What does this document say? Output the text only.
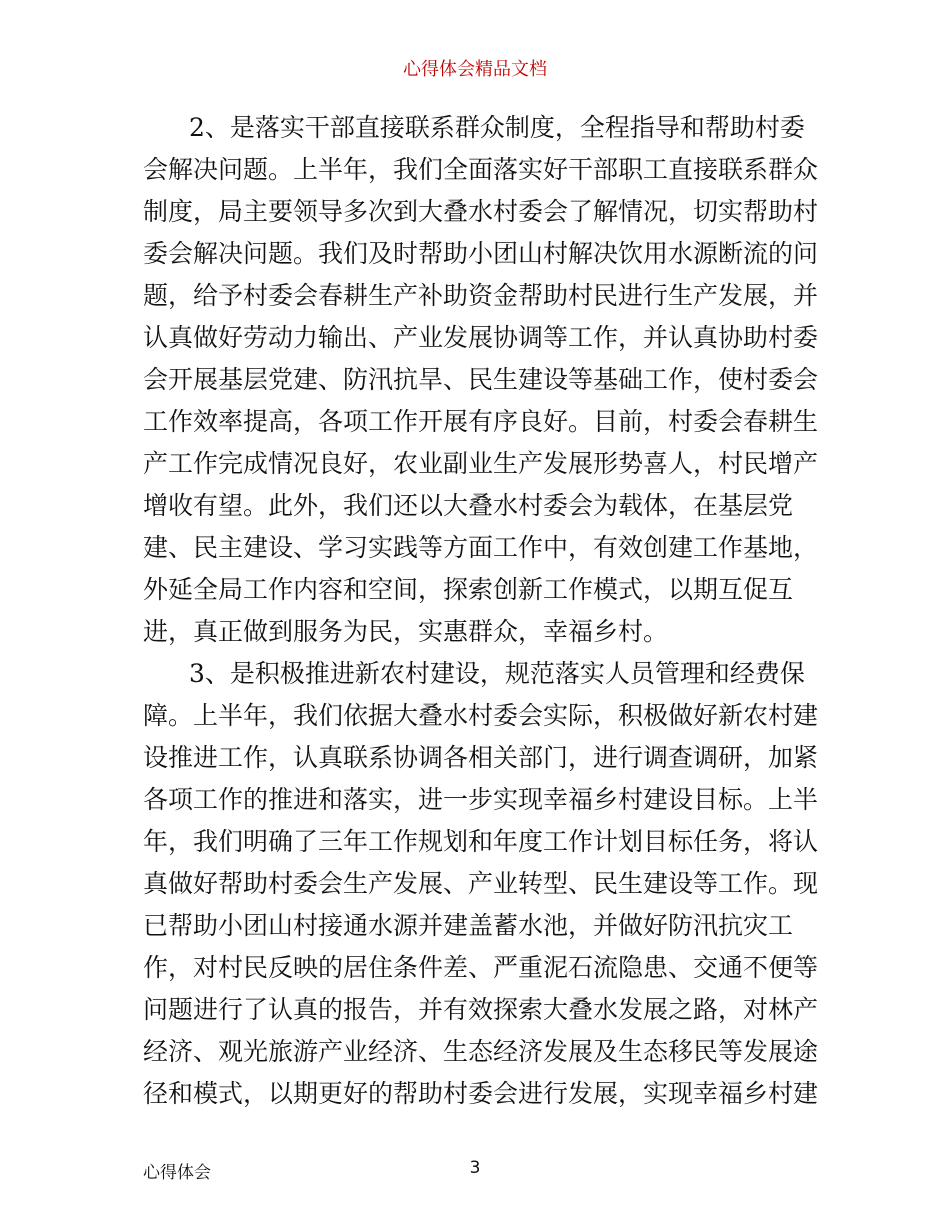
心得体会精品文档
2、是落实干部直接联系群众制度，全程指导和帮助村委
会解决问题。上半年，我们全面落实好干部职工直接联系群众
制度，局主要领导多次到大叠水村委会了解情况，切实帮助村
委会解决问题。我们及时帮助小团山村解决饮用水源断流的问
题，给予村委会春耕生产补助资金帮助村民进行生产发展，并
认真做好劳动力输出、产业发展协调等工作，并认真协助村委
会开展基层党建、防汛抗旱、民生建设等基础工作，使村委会
工作效率提高，各项工作开展有序良好。目前，村委会春耕生
产工作完成情况良好，农业副业生产发展形势喜人，村民增产
增收有望。此外，我们还以大叠水村委会为载体，在基层党
建、民主建设、学习实践等方面工作中，有效创建工作基地，
外延全局工作内容和空间，探索创新工作模式，以期互促互
进，真正做到服务为民，实惠群众，幸福乡村。
3、是积极推进新农村建设，规范落实人员管理和经费保
障。上半年，我们依据大叠水村委会实际，积极做好新农村建
设推进工作，认真联系协调各相关部门，进行调查调研，加紧
各项工作的推进和落实，进一步实现幸福乡村建设目标。上半
年，我们明确了三年工作规划和年度工作计划目标任务，将认
真做好帮助村委会生产发展、产业转型、民生建设等工作。现
已帮助小团山村接通水源并建盖蓄水池，并做好防汛抗灾工
作，对村民反映的居住条件差、严重泥石流隐患、交通不便等
问题进行了认真的报告，并有效探索大叠水发展之路，对林产
经济、观光旅游产业经济、生态经济发展及生态移民等发展途
径和模式，以期更好的帮助村委会进行发展，实现幸福乡村建
心得体会	3
